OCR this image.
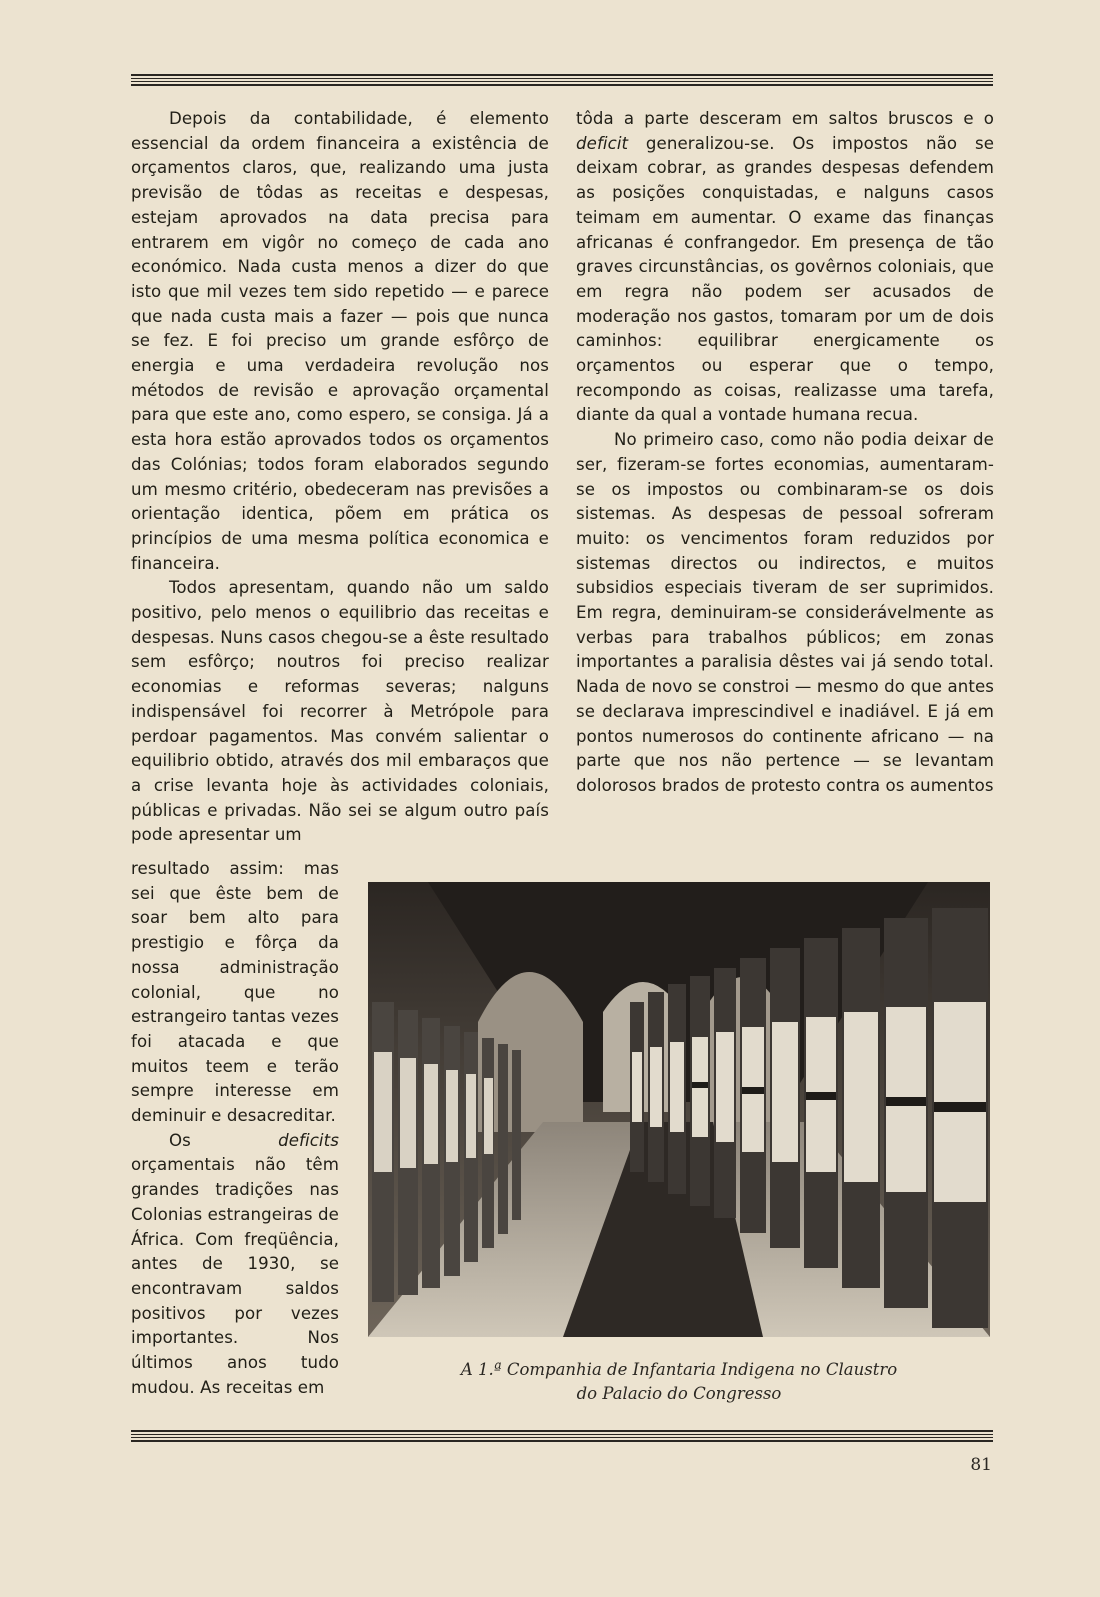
Depois da contabilidade, é elemento essencial da ordem financeira a existência de orçamentos claros, que, realizando uma justa previsão de tôdas as receitas e despesas, estejam aprovados na data precisa para entrarem em vigôr no começo de cada ano económico. Nada custa menos a dizer do que isto que mil vezes tem sido repetido — e parece que nada custa mais a fazer — pois que nunca se fez. E foi preciso um grande esfôrço de energia e uma verdadeira revolução nos métodos de revisão e aprovação orçamental para que este ano, como espero, se consiga. Já a esta hora estão aprovados todos os orçamentos das Colónias; todos foram elaborados segundo um mesmo critério, obedeceram nas previsões a orientação identica, põem em prática os princípios de uma mesma política economica e financeira.

Todos apresentam, quando não um saldo positivo, pelo menos o equilibrio das receitas e despesas. Nuns casos chegou-se a êste resultado sem esfôrço; noutros foi preciso realizar economias e reformas severas; nalguns indispensável foi recorrer à Metrópole para perdoar pagamentos. Mas convém salientar o equilibrio obtido, através dos mil embaraços que a crise levanta hoje às actividades coloniais, públicas e privadas. Não sei se algum outro país pode apresentar um

resultado assim: mas sei que êste bem de soar bem alto para prestigio e fôrça da nossa administração colonial, que no estrangeiro tantas vezes foi atacada e que muitos teem e terão sempre interesse em deminuir e desacreditar.

Os deficits orçamentais não têm grandes tradições nas Colonias estrangeiras de África. Com freqüência, antes de 1930, se encontravam saldos positivos por vezes importantes. Nos últimos anos tudo mudou. As receitas em

tôda a parte desceram em saltos bruscos e o deficit generalizou-se. Os impostos não se deixam cobrar, as grandes despesas defendem as posições conquistadas, e nalguns casos teimam em aumentar. O exame das finanças africanas é confrangedor. Em presença de tão graves circunstâncias, os govêrnos coloniais, que em regra não podem ser acusados de moderação nos gastos, tomaram por um de dois caminhos: equilibrar energicamente os orçamentos ou esperar que o tempo, recompondo as coisas, realizasse uma tarefa, diante da qual a vontade humana recua.

No primeiro caso, como não podia deixar de ser, fizeram-se fortes economias, aumentaram-se os impostos ou combinaram-se os dois sistemas. As despesas de pessoal sofreram muito: os vencimentos foram reduzidos por sistemas directos ou indirectos, e muitos subsidios especiais tiveram de ser suprimidos. Em regra, deminuiram-se considerávelmente as verbas para trabalhos públicos; em zonas importantes a paralisia dêstes vai já sendo total. Nada de novo se constroi — mesmo do que antes se declarava imprescindivel e inadiável. E já em pontos numerosos do continente africano — na parte que nos não pertence — se levantam dolorosos brados de protesto contra os aumentos

A 1.ª Companhia de Infantaria Indigena no Claustro
do Palacio do Congresso
81
